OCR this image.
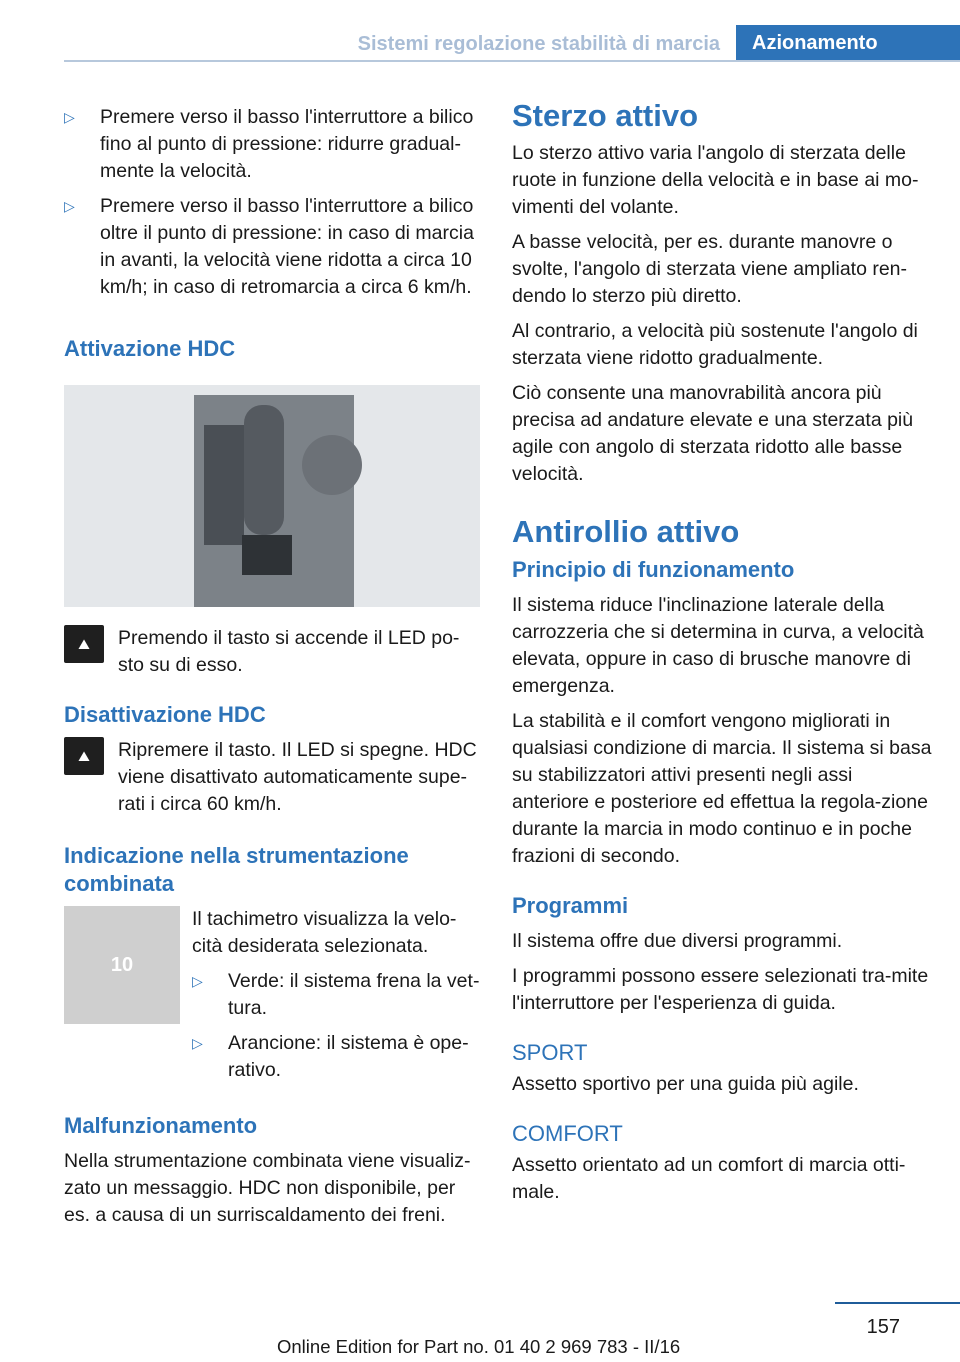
Sistemi regolazione stabilità di marcia	Azionamento
▷	Premere verso il basso l'interruttore a bilico fino al punto di pressione: ridurre gradual-mente la velocità.
▷	Premere verso il basso l'interruttore a bilico oltre il punto di pressione: in caso di marcia in avanti, la velocità viene ridotta a circa 10 km/h; in caso di retromarcia a circa 6 km/h.
Attivazione HDC
⛰	Premendo il tasto si accende il LED po-sto su di esso.
Disattivazione HDC
⛰	Ripremere il tasto. Il LED si spegne. HDC viene disattivato automaticamente supe-rati i circa 60 km/h.
Indicazione nella strumentazione combinata
10

Il tachimetro visualizza la velo-cità desiderata selezionata.

▷	Verde: il sistema frena la vet-tura.
▷	Arancione: il sistema è ope-rativo.
Malfunzionamento

Nella strumentazione combinata viene visualiz-zato un messaggio. HDC non disponibile, per es. a causa di un surriscaldamento dei freni.

Sterzo attivo

Lo sterzo attivo varia l'angolo di sterzata delle ruote in funzione della velocità e in base ai mo-vimenti del volante.

A basse velocità, per es. durante manovre o svolte, l'angolo di sterzata viene ampliato ren-dendo lo sterzo più diretto.

Al contrario, a velocità più sostenute l'angolo di sterzata viene ridotto gradualmente.

Ciò consente una manovrabilità ancora più precisa ad andature elevate e una sterzata più agile con angolo di sterzata ridotto alle basse velocità.

Antirollio attivo
Principio di funzionamento

Il sistema riduce l'inclinazione laterale della carrozzeria che si determina in curva, a velocità elevata, oppure in caso di brusche manovre di emergenza.

La stabilità e il comfort vengono migliorati in qualsiasi condizione di marcia. Il sistema si basa su stabilizzatori attivi presenti negli assi anteriore e posteriore ed effettua la regola-zione durante la marcia in modo continuo e in poche frazioni di secondo.

Programmi

Il sistema offre due diversi programmi.

I programmi possono essere selezionati tra-mite l'interruttore per l'esperienza di guida.

SPORT

Assetto sportivo per una guida più agile.

COMFORT

Assetto orientato ad un comfort di marcia otti-male.

157
Online Edition for Part no. 01 40 2 969 783 - II/16
